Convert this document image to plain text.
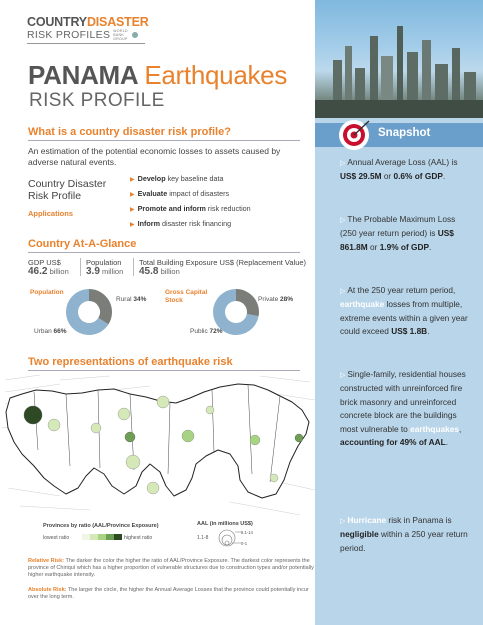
COUNTRYDISASTER
RISK PROFILES WORLD BANK GROUP
PANAMA Earthquakes
RISK PROFILE
What is a country disaster risk profile?
An estimation of the potential economic losses to assets caused by adverse natural events.
Country Disaster Risk Profile
Applications
▶ Develop key baseline data
▶ Evaluate impact of disasters
▶ Promote and inform risk reduction
▶ Inform disaster risk financing
Country At-A-Glance
GDP US$
46.2 billion
Population
3.9 million
Total Building Exposure US$ (Replacement Value)
45.8 billion
Population
Rural 34%
Urban 66%
Gross Capital Stock	Private 28%
Public 72%
Two representations of earthquake risk
Provinces by ratio (AAL/Province Exposure)
lowest ratio	highest ratio
AAL (in millions US$)
1.1-8
8.1-14
0-1
Relative Risk: The darker the color the higher the ratio of AAL/Province Exposure. The darkest color represents the province of Chiriquí which has a higher proportion of vulnerable structures due to construction types and/or potentially higher earthquake intensity.
Absolute Risk: The larger the circle, the higher the Annual Average Losses that the province could potentially incur over the long term.
Snapshot
▷ Annual Average Loss (AAL) is US$ 29.5M or 0.6% of GDP.
▷ The Probable Maximum Loss (250 year return period) is US$ 861.8M or 1.9% of GDP.
▷ At the 250 year return period, earthquake losses from multiple, extreme events within a given year could exceed US$ 1.8B.
▷ Single-family, residential houses constructed with unreinforced fire brick masonry and unreinforced concrete block are the buildings most vulnerable to earthquakes, accounting for 49% of AAL.
▷ Hurricane risk in Panama is negligible within a 250 year return period.
